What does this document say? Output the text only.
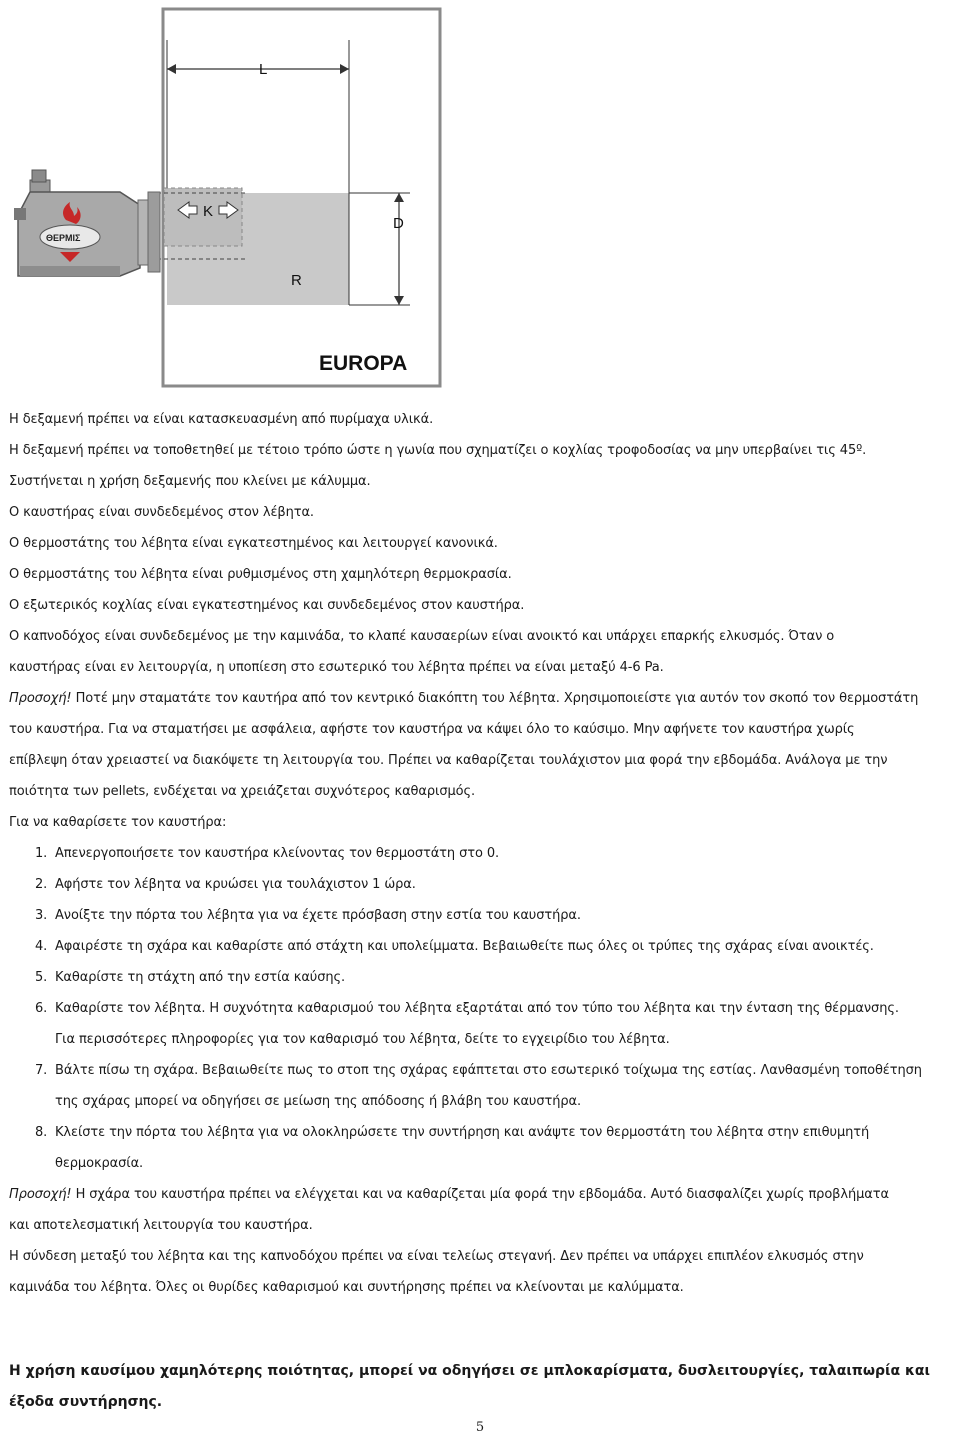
L
D
K
R
ΘΕΡΜΙΣ
EUROPA
Η δεξαμενή πρέπει να είναι κατασκευασμένη από πυρίμαχα υλικά.
Η δεξαμενή πρέπει να τοποθετηθεί με τέτοιο τρόπο ώστε η γωνία που σχηματίζει ο κοχλίας τροφοδοσίας να μην υπερβαίνει τις 45º.
Συστήνεται η χρήση δεξαμενής που κλείνει με κάλυμμα.
Ο καυστήρας είναι συνδεδεμένος στον λέβητα.
Ο θερμοστάτης του λέβητα είναι εγκατεστημένος και λειτουργεί κανονικά.
Ο θερμοστάτης του λέβητα είναι ρυθμισμένος στη χαμηλότερη θερμοκρασία.
Ο εξωτερικός κοχλίας είναι εγκατεστημένος και συνδεδεμένος στον καυστήρα.
Ο καπνοδόχος είναι συνδεδεμένος με την καμινάδα, το κλαπέ καυσαερίων είναι ανοικτό και υπάρχει επαρκής ελκυσμός. Όταν ο
καυστήρας είναι εν λειτουργία, η υποπίεση στο εσωτερικό του λέβητα πρέπει να είναι μεταξύ 4-6 Pa.
Προσοχή! Ποτέ μην σταματάτε τον καυτήρα από τον κεντρικό διακόπτη του λέβητα. Χρησιμοποιείστε για αυτόν τον σκοπό τον θερμοστάτη
του καυστήρα. Για να σταματήσει με ασφάλεια, αφήστε τον καυστήρα να κάψει όλο το καύσιμο. Μην αφήνετε τον καυστήρα χωρίς
επίβλεψη όταν χρειαστεί να διακόψετε τη λειτουργία του. Πρέπει να καθαρίζεται τουλάχιστον μια φορά την εβδομάδα. Ανάλογα με την
ποιότητα των pellets, ενδέχεται να χρειάζεται συχνότερος καθαρισμός.
Για να καθαρίσετε τον καυστήρα:
1. Απενεργοποιήσετε τον καυστήρα κλείνοντας τον θερμοστάτη στο 0.
2. Αφήστε τον λέβητα να κρυώσει για τουλάχιστον 1 ώρα.
3. Ανοίξτε την πόρτα του λέβητα για να έχετε πρόσβαση στην εστία του καυστήρα.
4. Αφαιρέστε τη σχάρα και καθαρίστε από στάχτη και υπολείμματα. Βεβαιωθείτε πως όλες οι τρύπες της σχάρας είναι ανοικτές.
5. Καθαρίστε τη στάχτη από την εστία καύσης.
6. Καθαρίστε τον λέβητα. Η συχνότητα καθαρισμού του λέβητα εξαρτάται από τον τύπο του λέβητα και την ένταση της θέρμανσης.
Για περισσότερες πληροφορίες για τον καθαρισμό του λέβητα, δείτε το εγχειρίδιο του λέβητα.
7. Βάλτε πίσω τη σχάρα. Βεβαιωθείτε πως το στοπ της σχάρας εφάπτεται στο εσωτερικό τοίχωμα της εστίας. Λανθασμένη τοποθέτηση
της σχάρας μπορεί να οδηγήσει σε μείωση της απόδοσης ή βλάβη του καυστήρα.
8. Κλείστε την πόρτα του λέβητα για να ολοκληρώσετε την συντήρηση και ανάψτε τον θερμοστάτη του λέβητα στην επιθυμητή
θερμοκρασία.
Προσοχή! Η σχάρα του καυστήρα πρέπει να ελέγχεται και να καθαρίζεται μία φορά την εβδομάδα. Αυτό διασφαλίζει χωρίς προβλήματα
και αποτελεσματική λειτουργία του καυστήρα.
Η σύνδεση μεταξύ του λέβητα και της καπνοδόχου πρέπει να είναι τελείως στεγανή. Δεν πρέπει να υπάρχει επιπλέον ελκυσμός στην
καμινάδα του λέβητα. Όλες οι θυρίδες καθαρισμού και συντήρησης πρέπει να κλείνονται με καλύμματα.
Η χρήση καυσίμου χαμηλότερης ποιότητας, μπορεί να οδηγήσει σε μπλοκαρίσματα, δυσλειτουργίες, ταλαιπωρία και
έξοδα συντήρησης.
5
